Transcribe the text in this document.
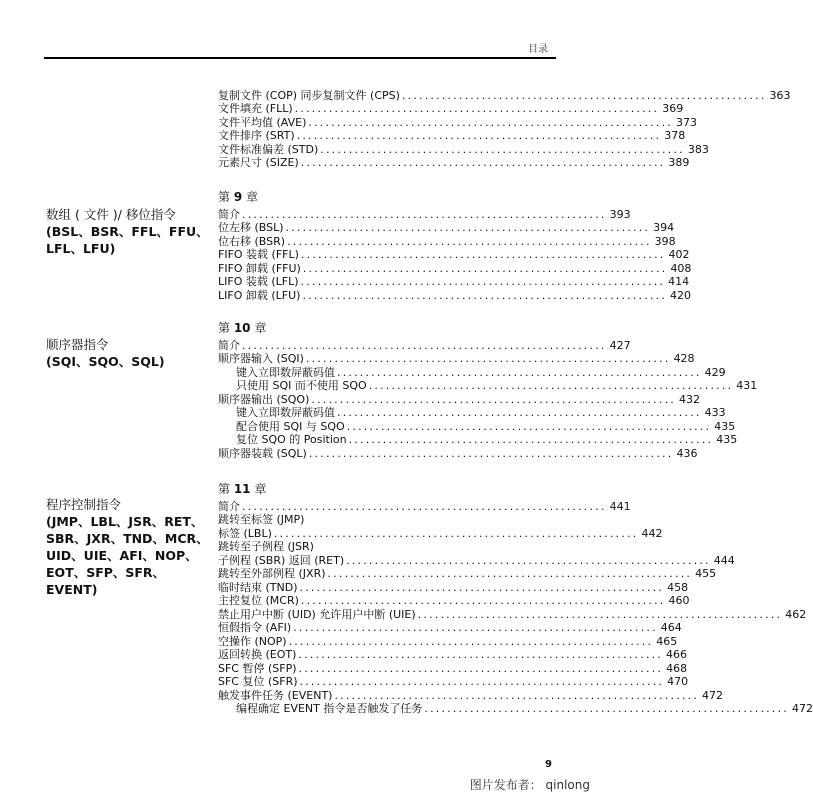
目录
复制文件 (COP) 同步复制文件 (CPS) ................................................................ 363
文件填充 (FLL) ................................................................ 369
文件平均值 (AVE) ................................................................ 373
文件排序 (SRT) ................................................................ 378
文件标准偏差 (STD) ................................................................ 383
元素尺寸 (SIZE) ................................................................ 389
数组 ( 文件 )/ 移位指令
(BSL、BSR、FFL、FFU、LFL、LFU)
第 9 章
简介 ................................................................ 393
位左移 (BSL) ................................................................ 394
位右移 (BSR) ................................................................ 398
FIFO 装载 (FFL) ................................................................ 402
FIFO 卸载 (FFU) ................................................................ 408
LIFO 装载 (LFL) ................................................................ 414
LIFO 卸载 (LFU) ................................................................ 420
顺序器指令
(SQI、SQO、SQL)
第 10 章
简介 ................................................................ 427
顺序器输入 (SQI) ................................................................ 428
键入立即数屏蔽码值 ................................................................ 429
只使用 SQI 而不使用 SQO ................................................................ 431
顺序器输出 (SQO) ................................................................ 432
键入立即数屏蔽码值 ................................................................ 433
配合使用 SQI 与 SQO ................................................................ 435
复位 SQO 的 Position ................................................................ 435
顺序器装载 (SQL) ................................................................ 436
程序控制指令
(JMP、LBL、JSR、RET、SBR、JXR、TND、MCR、UID、UIE、AFI、NOP、EOT、SFP、SFR、EVENT)
第 11 章
简介 ................................................................ 441
跳转至标签 (JMP)
标签 (LBL) ................................................................ 442
跳转至子例程 (JSR)
子例程 (SBR) 返回 (RET) ................................................................ 444
跳转至外部例程 (JXR) ................................................................ 455
临时结束 (TND) ................................................................ 458
主控复位 (MCR) ................................................................ 460
禁止用户中断 (UID) 允许用户中断 (UIE) ................................................................ 462
恒假指令 (AFI) ................................................................ 464
空操作 (NOP) ................................................................ 465
返回转换 (EOT) ................................................................ 466
SFC 暂停 (SFP) ................................................................ 468
SFC 复位 (SFR) ................................................................ 470
触发事件任务 (EVENT) ................................................................ 472
编程确定 EVENT 指令是否触发了任务 ................................................................ 472
9
图片发布者： qinlong
